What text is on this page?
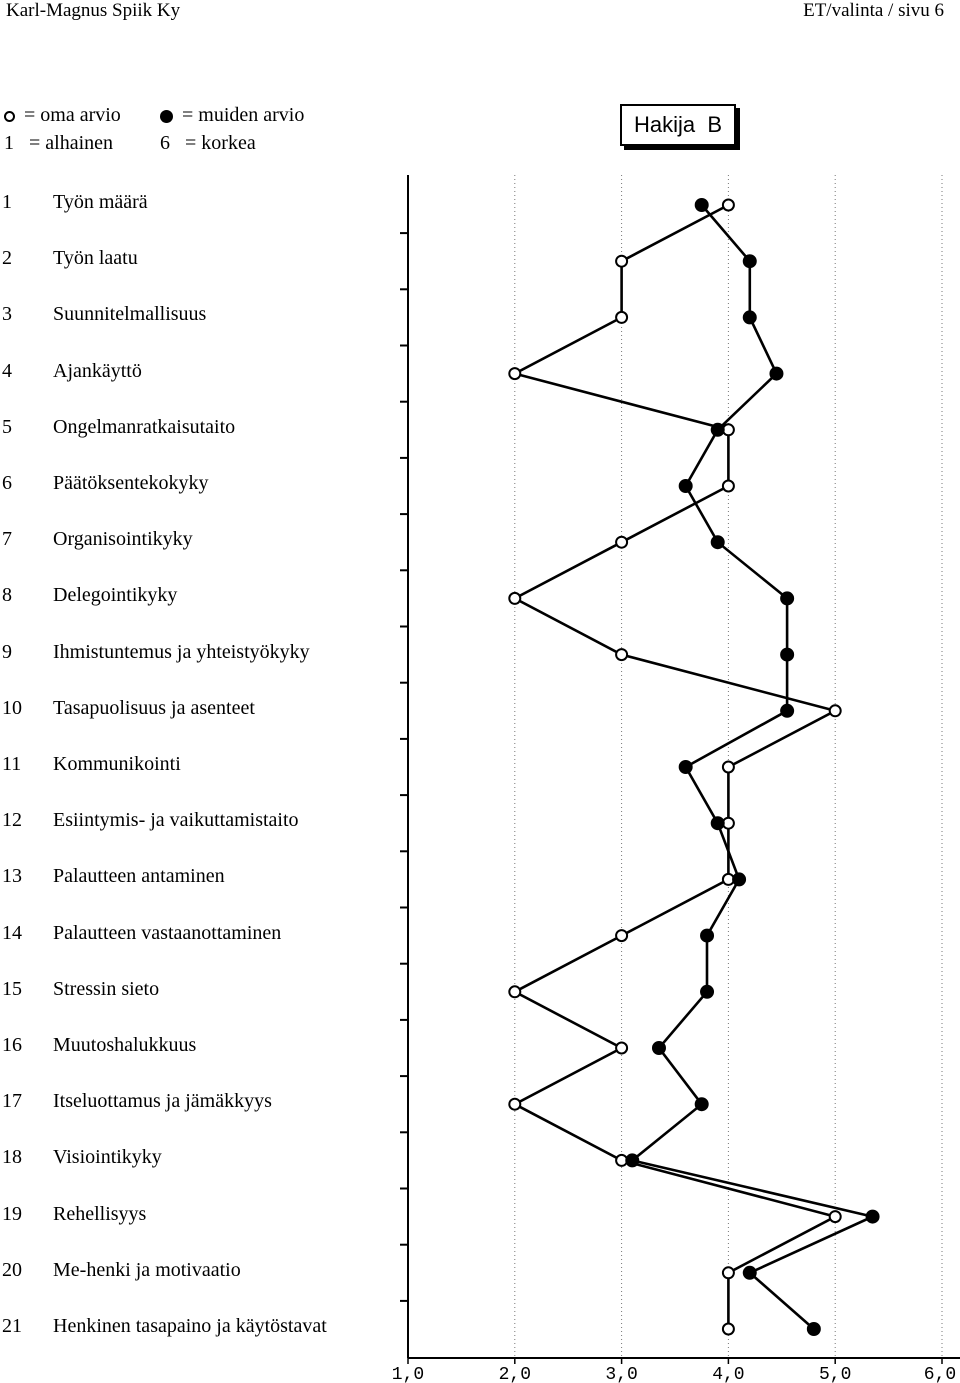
Karl-Magnus Spiik Ky	ET/valinta / sivu 6
= oma arvio	= muiden arvio
1 = alhainen 6 = korkea
Hakija  B
1	Työn määrä
2	Työn laatu
3	Suunnitelmallisuus
4	Ajankäyttö
5	Ongelmanratkaisutaito
6	Päätöksentekokyky
7	Organisointikyky
8	Delegointikyky
9	Ihmistuntemus ja yhteistyökyky
10	Tasapuolisuus ja asenteet
11	Kommunikointi
12	Esiintymis- ja vaikuttamistaito
13	Palautteen antaminen
14	Palautteen vastaanottaminen
15	Stressin sieto
16	Muutoshalukkuus
17	Itseluottamus ja jämäkkyys
18	Visiointikyky
19	Rehellisyys
20	Me-henki ja motivaatio
21	Henkinen tasapaino ja käytöstavat
1,0	2,0	3,0	4,0	5,0	6,0
